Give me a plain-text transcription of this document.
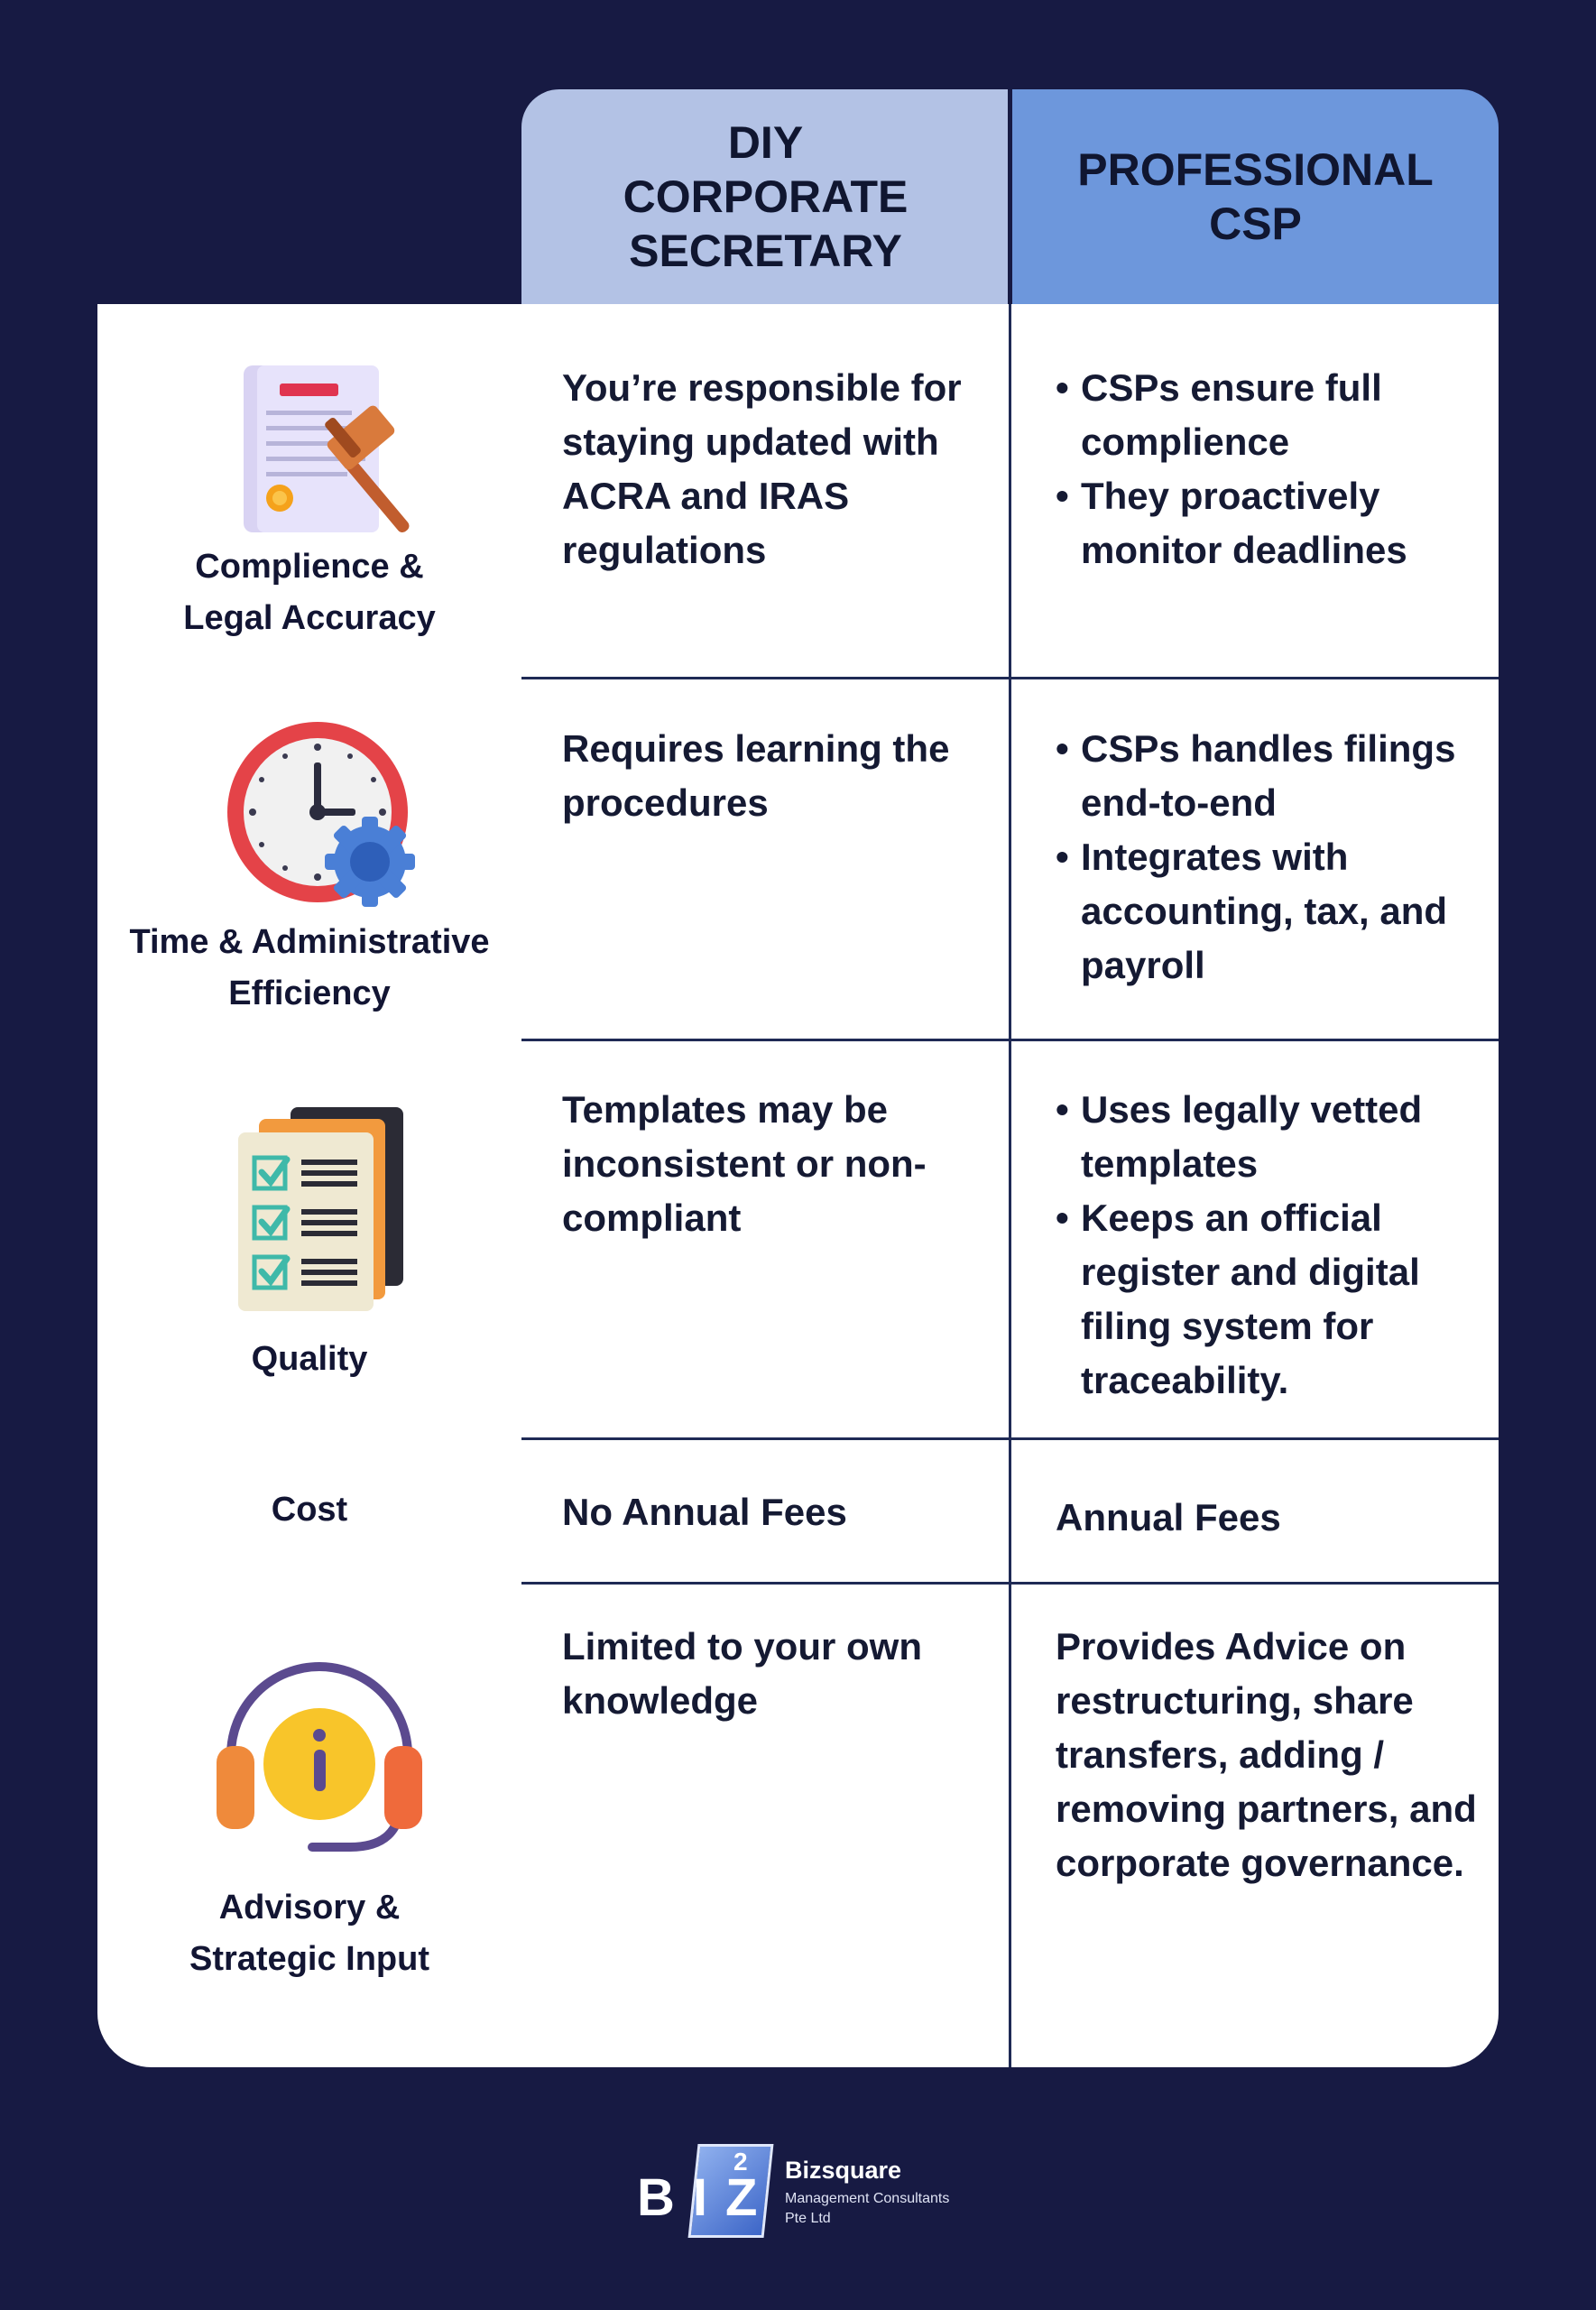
DIY CORPORATE SECRETARY
PROFESSIONAL CSP
Complience & Legal Accuracy
You’re responsible for staying updated with ACRA and IRAS regulations
• CSPs ensure full complience
• They proactively monitor deadlines
Time & Administrative Efficiency
Requires learning the procedures
• CSPs handles filings end-to-end
• Integrates with accounting, tax, and payroll
Quality
Templates may be inconsistent or non-compliant
• Uses legally vetted templates
• Keeps an official register and digital filing system for traceability.
Cost	No Annual Fees	Annual Fees
Advisory & Strategic Input
Limited to your own knowledge
Provides Advice on restructuring, share transfers, adding / removing partners, and corporate governance.
BIZ
2 Bizsquare
Management Consultants Pte Ltd
